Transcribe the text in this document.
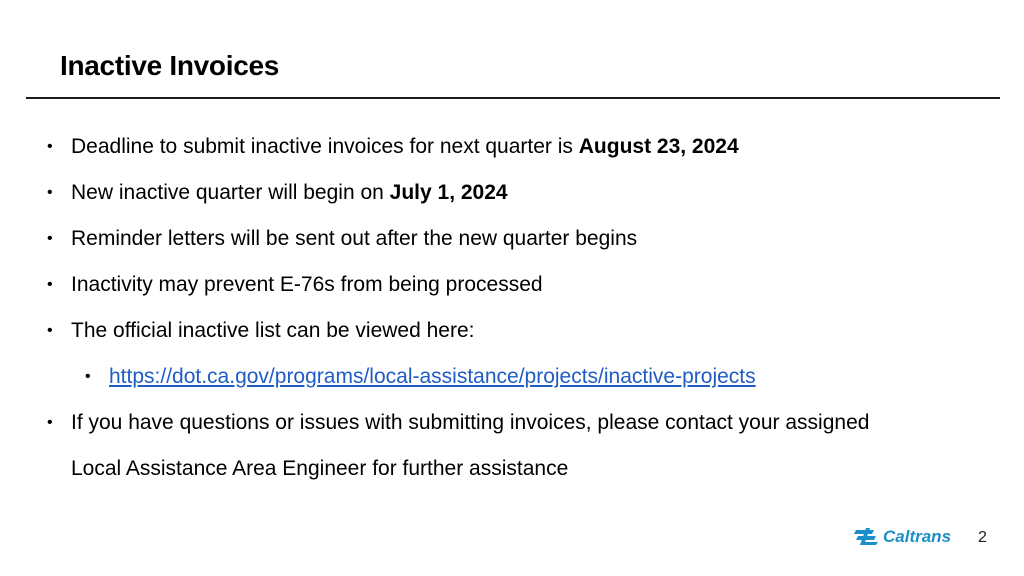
Inactive Invoices
• Deadline to submit inactive invoices for next quarter is August 23, 2024
• New inactive quarter will begin on July 1, 2024
• Reminder letters will be sent out after the new quarter begins
• Inactivity may prevent E-76s from being processed
• The official inactive list can be viewed here:
• https://dot.ca.gov/programs/local-assistance/projects/inactive-projects
• If you have questions or issues with submitting invoices, please contact your assigned
Local Assistance Area Engineer for further assistance
Caltrans 2
